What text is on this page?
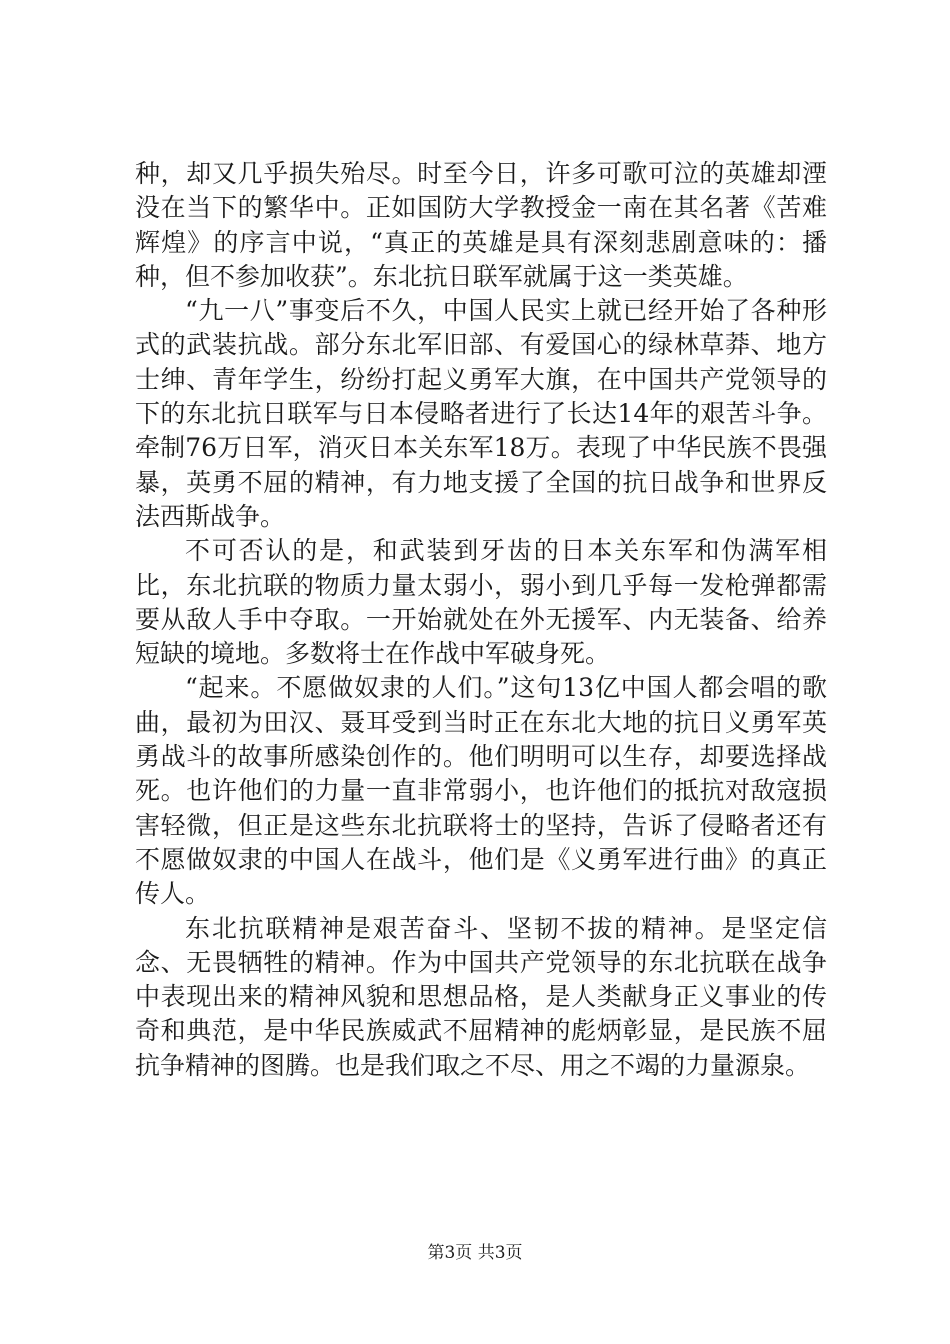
种，却又几乎损失殆尽。时至今日，许多可歌可泣的英雄却湮没在当下的繁华中。正如国防大学教授金一南在其名著《苦难辉煌》的序言中说，“真正的英雄是具有深刻悲剧意味的：播种，但不参加收获”。东北抗日联军就属于这一类英雄。

“九一八”事变后不久，中国人民实上就已经开始了各种形式的武装抗战。部分东北军旧部、有爱国心的绿林草莽、地方士绅、青年学生，纷纷打起义勇军大旗，在中国共产党领导的下的东北抗日联军与日本侵略者进行了长达14年的艰苦斗争。牵制76万日军，消灭日本关东军18万。表现了中华民族不畏强暴，英勇不屈的精神，有力地支援了全国的抗日战争和世界反法西斯战争。

不可否认的是，和武装到牙齿的日本关东军和伪满军相比，东北抗联的物质力量太弱小，弱小到几乎每一发枪弹都需要从敌人手中夺取。一开始就处在外无援军、内无装备、给养短缺的境地。多数将士在作战中军破身死。

“起来。不愿做奴隶的人们。”这句13亿中国人都会唱的歌曲，最初为田汉、聂耳受到当时正在东北大地的抗日义勇军英勇战斗的故事所感染创作的。他们明明可以生存，却要选择战死。也许他们的力量一直非常弱小，也许他们的抵抗对敌寇损害轻微，但正是这些东北抗联将士的坚持，告诉了侵略者还有不愿做奴隶的中国人在战斗，他们是《义勇军进行曲》的真正传人。

东北抗联精神是艰苦奋斗、坚韧不拔的精神。是坚定信念、无畏牺牲的精神。作为中国共产党领导的东北抗联在战争中表现出来的精神风貌和思想品格，是人类献身正义事业的传奇和典范，是中华民族威武不屈精神的彪炳彰显，是民族不屈抗争精神的图腾。也是我们取之不尽、用之不竭的力量源泉。

第3页 共3页
